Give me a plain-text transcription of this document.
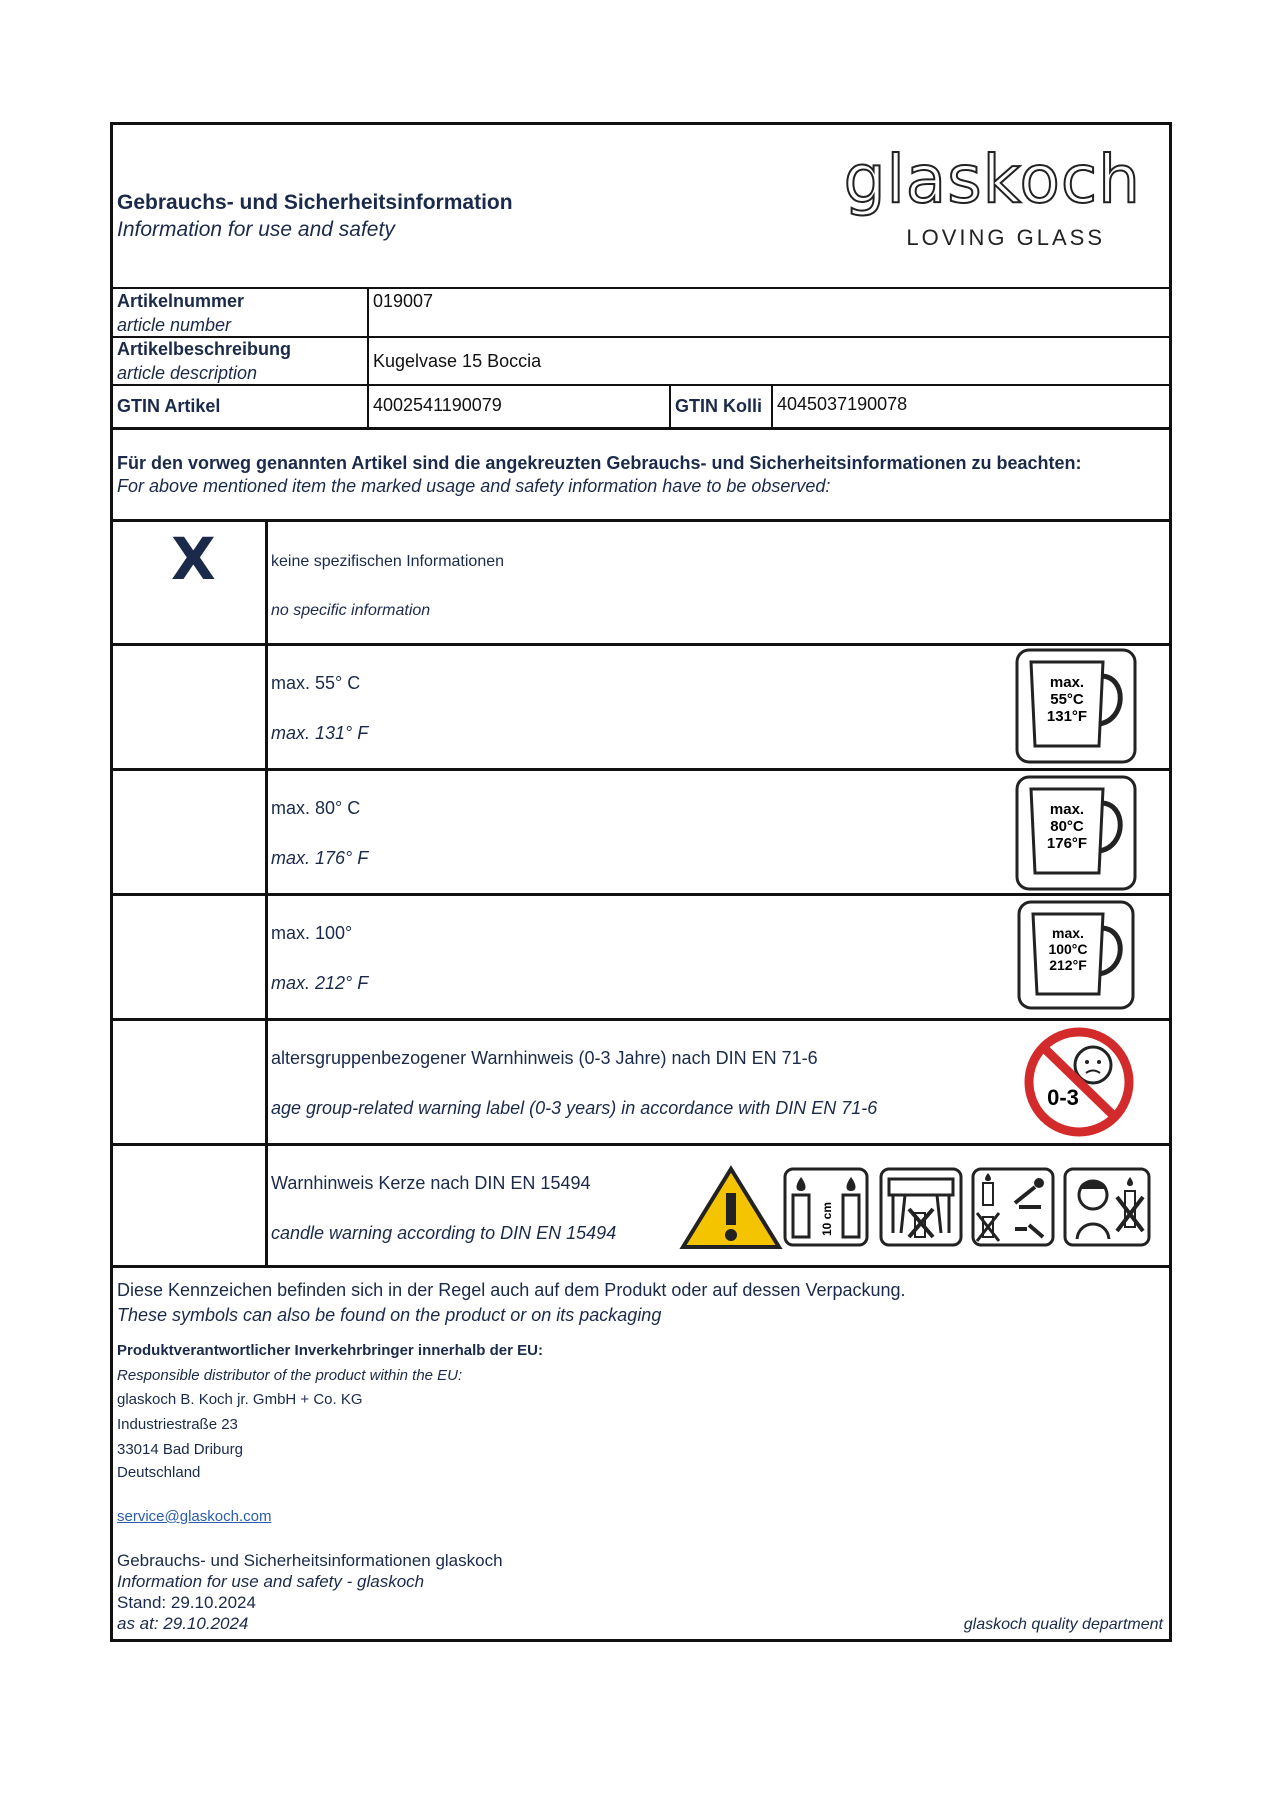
Gebrauchs- und Sicherheitsinformation
Information for use and safety
glaskoch
LOVING GLASS
Artikelnummer
article number
019007
Artikelbeschreibung
article description
Kugelvase 15 Boccia
GTIN Artikel	4002541190079	GTIN Kolli 4045037190078
Für den vorweg genannten Artikel sind die angekreuzten Gebrauchs- und Sicherheitsinformationen zu beachten:
For above mentioned item the marked usage and safety information have to be observed:
X	keine spezifischen Informationen
no specific information
max. 55° C
max. 131° F
max.
55°C
131°F
max. 80° C
max. 176° F
max.
80°C
176°F
max. 100°
max. 212° F
max.
100°C
212°F
altersgruppenbezogener Warnhinweis (0-3 Jahre) nach DIN EN 71-6
age group-related warning label (0-3 years) in accordance with DIN EN 71-6	0-3
Warnhinweis Kerze nach DIN EN 15494
candle warning according to DIN EN 15494	10 cm
Diese Kennzeichen befinden sich in der Regel auch auf dem Produkt oder auf dessen Verpackung.
These symbols can also be found on the product or on its packaging
Produktverantwortlicher Inverkehrbringer innerhalb der EU:
Responsible distributor of the product within the EU:
glaskoch B. Koch jr. GmbH + Co. KG
Industriestraße 23
33014 Bad Driburg
Deutschland
service@glaskoch.com
Gebrauchs- und Sicherheitsinformationen glaskoch
Information for use and safety - glaskoch
Stand: 29.10.2024
as at: 29.10.2024	glaskoch quality department
